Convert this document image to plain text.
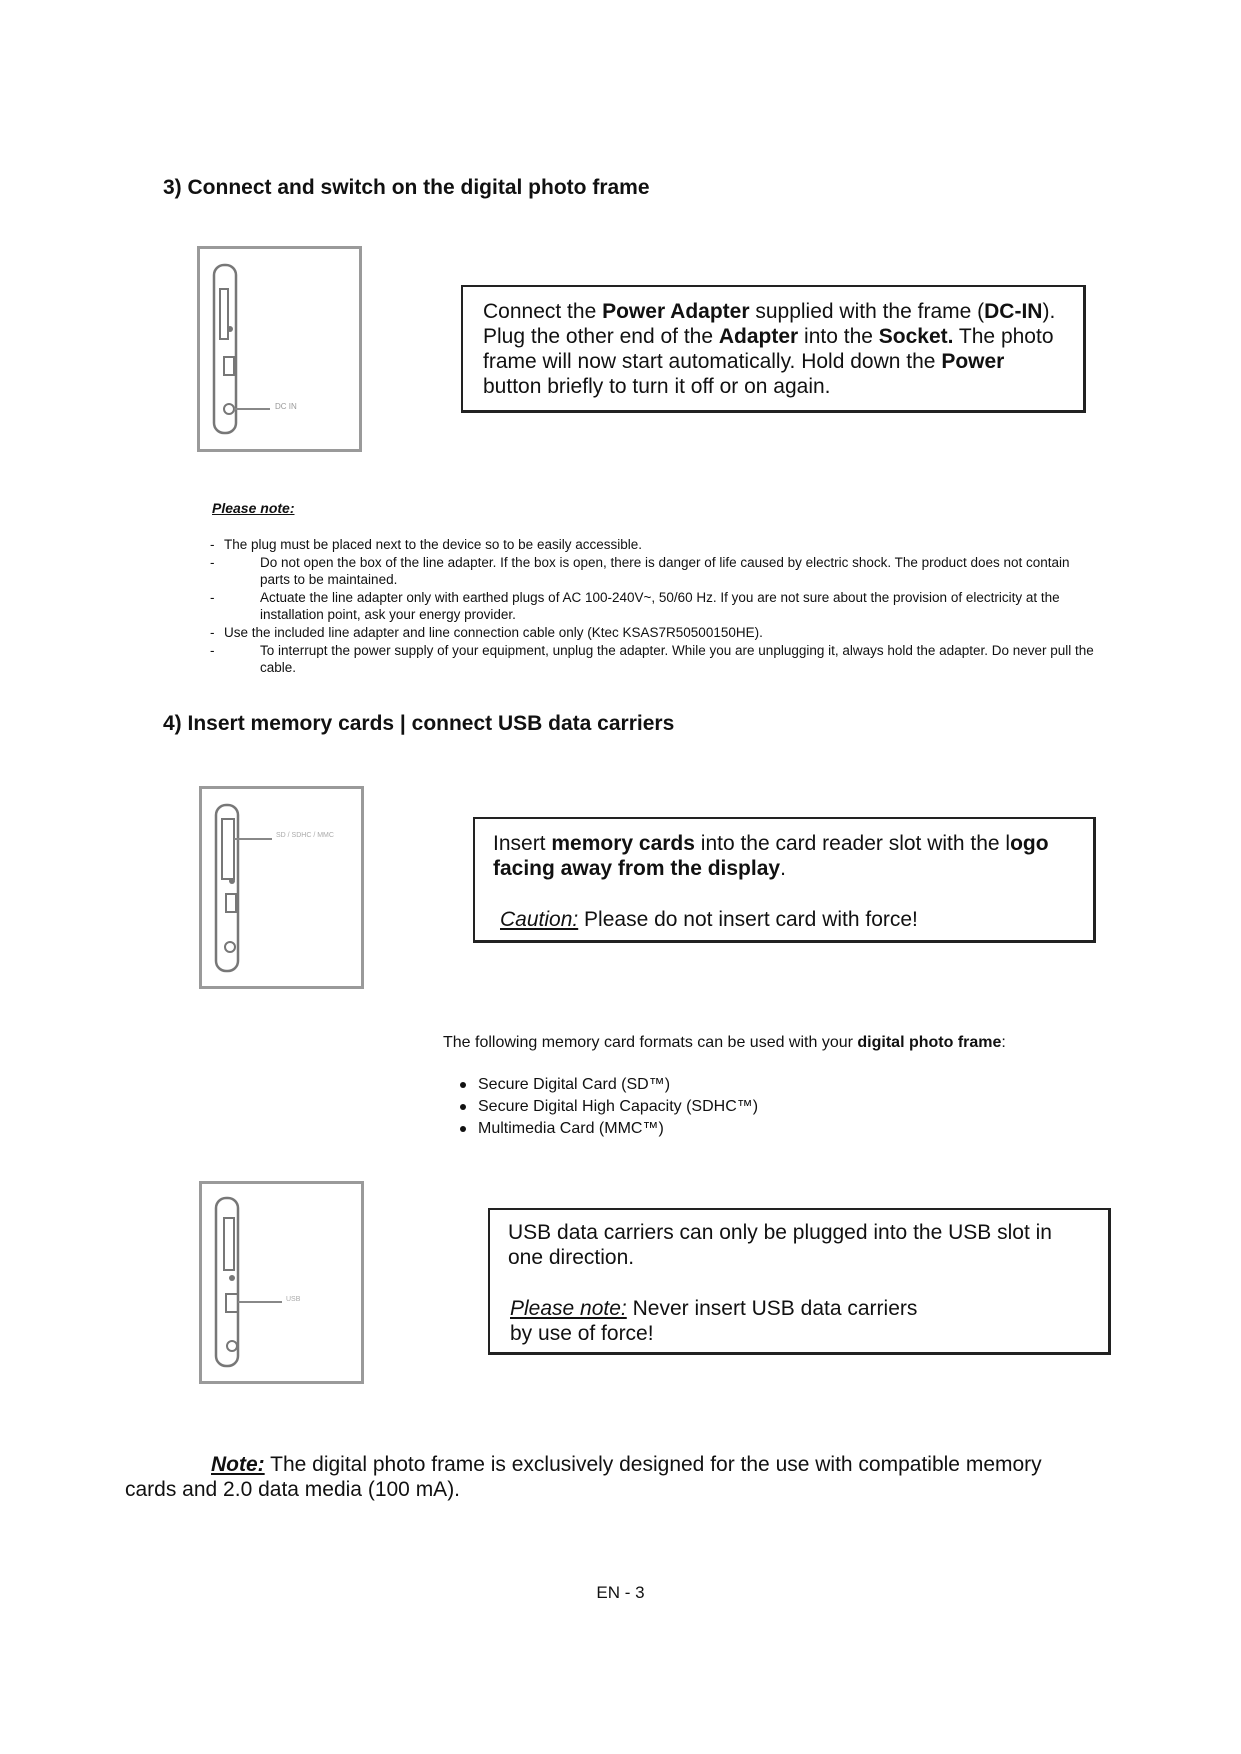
3) Connect and switch on the digital photo frame
DC IN
Connect the Power Adapter supplied with the frame (DC-IN). Plug the other end of the Adapter into the Socket. The photo frame will now start automatically. Hold down the Power button briefly to turn it off or on again.
Please note:
- The plug must be placed next to the device so to be easily accessible.
-	Do not open the box of the line adapter. If the box is open, there is danger of life caused by electric shock. The product does not contain parts to be maintained.
-	Actuate the line adapter only with earthed plugs of AC 100-240V~, 50/60 Hz. If you are not sure about the provision of electricity at the installation point, ask your energy provider.
- Use the included line adapter and line connection cable only (Ktec KSAS7R50500150HE).
-	To interrupt the power supply of your equipment, unplug the adapter. While you are unplugging it, always hold the adapter. Do never pull the cable.
4) Insert memory cards | connect USB data carriers
SD / SDHC / MMC	Insert memory cards into the card reader slot with the logo facing away from the display.
Caution: Please do not insert card with force!
The following memory card formats can be used with your digital photo frame:
Secure Digital Card (SD™)
Secure Digital High Capacity (SDHC™)
Multimedia Card (MMC™)
USB
USB data carriers can only be plugged into the USB slot in one direction.
Please note: Never insert USB data carriers by use of force!
Note: The digital photo frame is exclusively designed for the use with compatible memory cards and 2.0 data media (100 mA).
EN - 3
